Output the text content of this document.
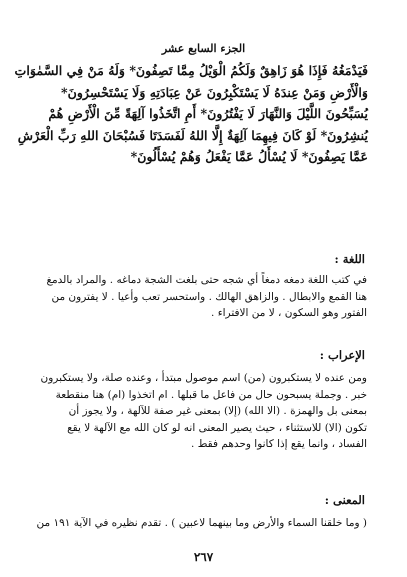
الجزء السابع عشر
فَيَدْمَغُهُ فَإِذَا هُوَ زَاهِقٌ وَلَكُمُ الْوَيْلُ مِمَّا تَصِفُونَ* وَلَهُ مَنْ فِي السَّمٰوَاتِ
وَالْأَرْضِ وَمَنْ عِندَهُ لَا يَسْتَكْبِرُونَ عَنْ عِبَادَتِهِ وَلَا يَسْتَحْسِرُونَ*
يُسَبِّحُونَ اللَّيْلَ وَالنَّهَارَ لَا يَفْتُرُونَ* أَمِ اتَّخَذُوا آلِهَةً مِّنَ الْأَرْضِ هُمْ
يُنشِرُونَ* لَوْ كَانَ فِيهِمَا آلِهَةٌ إِلَّا اللهُ لَفَسَدَتَا فَسُبْحَانَ اللهِ رَبِّ الْعَرْشِ
عَمَّا يَصِفُونَ* لَا يُسْأَلُ عَمَّا يَفْعَلُ وَهُمْ يُسْأَلُونَ*
اللغة :
في كتب اللغة دمغه دمغاً أي شجه حتى بلغت الشجة دماغه . والمراد بالدمغ
هنا القمع والابطال . والزاهق الهالك . واستحسر تعب وأعيا . لا يفترون من
الفتور وهو السكون ، لا من الافتراء .
الإعراب :
ومن عنده لا يستكبرون (من) اسم موصول مبتدأ ، وعنده صلة، ولا يستكبرون
خبر . وجملة يسبحون حال من فاعل ما قبلها . ام اتخذوا (ام) هنا منقطعة
بمعنى بل والهمزة . (الا الله) (إلا) بمعنى غير صفة للآلهة ، ولا يجوز أن
تكون (الا) للاستثناء ، حيث يصير المعنى انه لو كان الله مع الآلهة لا يقع
الفساد ، وانما يقع إذا كانوا وحدهم فقط .
المعنى :
( وما خلقنا السماء والأرض وما بينهما لاعبين ) . تقدم نظيره في الآية ١٩١ من
٢٦٧
